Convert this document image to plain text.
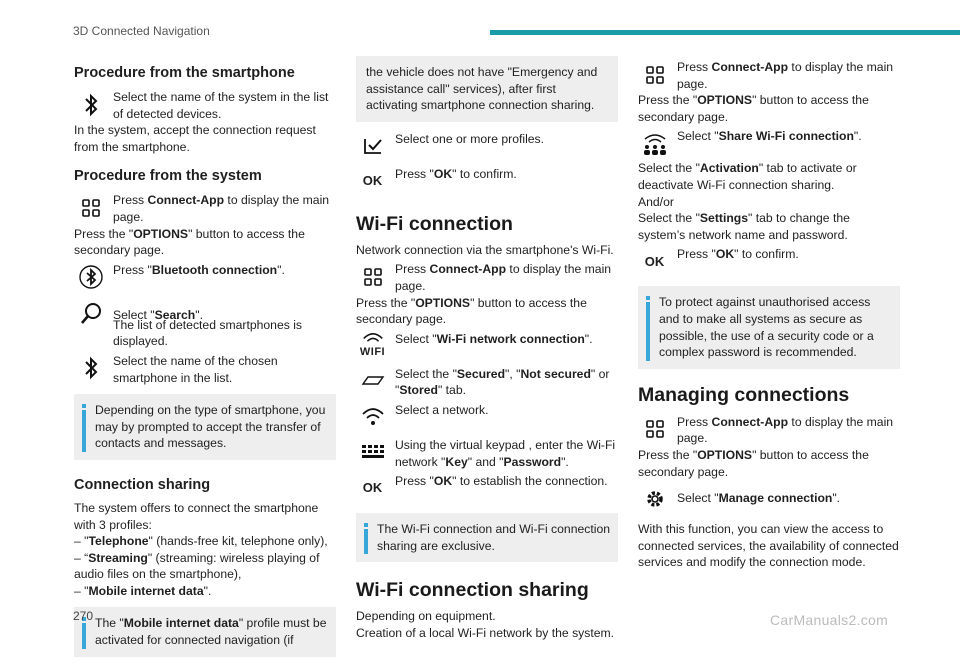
3D Connected Navigation
Procedure from the smartphone
Select the name of the system in the list of detected devices.

In the system, accept the connection request from the smartphone.

Procedure from the system
Press Connect-App to display the main page.

Press the "OPTIONS" button to access the secondary page.

Press "Bluetooth connection".
Select "Search".

The list of detected smartphones is displayed.

Select the name of the chosen smartphone in the list.
Depending on the type of smartphone, you may by prompted to accept the transfer of contacts and messages.
Connection sharing

The system offers to connect the smartphone with 3 profiles:

– "Telephone" (hands-free kit, telephone only),

– “Streaming" (streaming: wireless playing of audio files on the smartphone),

– "Mobile internet data".

The "Mobile internet data" profile must be activated for connected navigation (if
the vehicle does not have "Emergency and assistance call" services), after first activating smartphone connection sharing.
Select one or more profiles.
OK Press "OK" to confirm.
Wi-Fi connection

Network connection via the smartphone's Wi-Fi.

Press Connect-App to display the main page.

Press the "OPTIONS" button to access the secondary page.

WIFI
Select "Wi-Fi network connection".
Select the "Secured", "Not secured" or "Stored" tab.
Select a network.
Using the virtual keypad , enter the Wi-Fi network "Key" and "Password".
OK Press "OK" to establish the connection.
The Wi-Fi connection and Wi-Fi connection sharing are exclusive.
Wi-Fi connection sharing

Depending on equipment.

Creation of a local Wi-Fi network by the system.

Press Connect-App to display the main page.

Press the "OPTIONS" button to access the secondary page.

Select "Share Wi-Fi connection".

Select the "Activation" tab to activate or deactivate Wi-Fi connection sharing.

And/or

Select the "Settings" tab to change the system’s network name and password.

OK Press "OK" to confirm.
To protect against unauthorised access and to make all systems as secure as possible, the use of a security code or a complex password is recommended.
Managing connections
Press Connect-App to display the main page.

Press the "OPTIONS" button to access the secondary page.

Select "Manage connection".

With this function, you can view the access to connected services, the availability of connected services and modify the connection mode.

270	CarManuals2.com
